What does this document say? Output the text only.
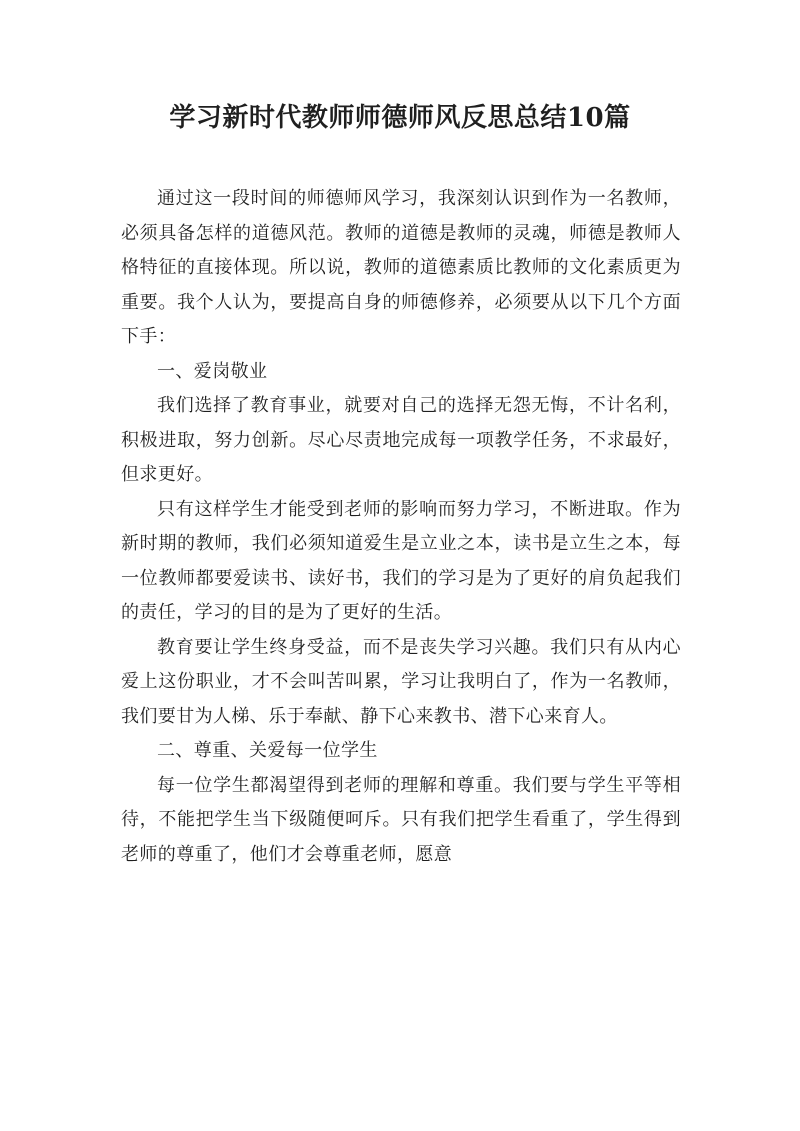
学习新时代教师师德师风反思总结10篇

通过这一段时间的师德师风学习，我深刻认识到作为一名教师，必须具备怎样的道德风范。教师的道德是教师的灵魂，师德是教师人格特征的直接体现。所以说，教师的道德素质比教师的文化素质更为重要。我个人认为，要提高自身的师德修养，必须要从以下几个方面下手：

一、爱岗敬业

我们选择了教育事业，就要对自己的选择无怨无悔，不计名利，积极进取，努力创新。尽心尽责地完成每一项教学任务，不求最好，但求更好。

只有这样学生才能受到老师的影响而努力学习，不断进取。作为新时期的教师，我们必须知道爱生是立业之本，读书是立生之本，每一位教师都要爱读书、读好书，我们的学习是为了更好的肩负起我们的责任，学习的目的是为了更好的生活。

教育要让学生终身受益，而不是丧失学习兴趣。我们只有从内心爱上这份职业，才不会叫苦叫累，学习让我明白了，作为一名教师，我们要甘为人梯、乐于奉献、静下心来教书、潜下心来育人。

二、尊重、关爱每一位学生

每一位学生都渴望得到老师的理解和尊重。我们要与学生平等相待，不能把学生当下级随便呵斥。只有我们把学生看重了，学生得到老师的尊重了，他们才会尊重老师，愿意
